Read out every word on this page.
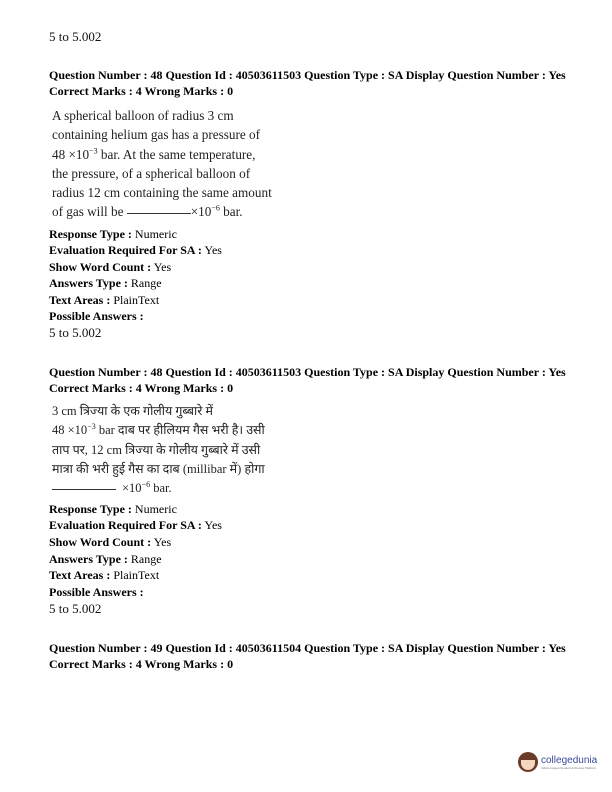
5 to 5.002
Question Number : 48 Question Id : 40503611503 Question Type : SA Display Question Number : Yes
Correct Marks : 4 Wrong Marks : 0
A spherical balloon of radius 3 cm
containing helium gas has a pressure of
$48 \times 10^{-3}$ bar. At the same temperature,
the pressure, of a spherical balloon of
radius 12 cm containing the same amount
of gas will be	$\times 10^{-6}$ bar.
Response Type : Numeric
Evaluation Required For SA : Yes
Show Word Count : Yes
Answers Type : Range
Text Areas : PlainText
Possible Answers :
5 to 5.002
Question Number : 48 Question Id : 40503611503 Question Type : SA Display Question Number : Yes
Correct Marks : 4 Wrong Marks : 0
3 cm त्रिज्या के एक गोलीय गुब्बारे में
$48 \times 10^{-3}$ bar दाब पर हीलियम गैस भरी है। उसी
ताप पर, 12 cm त्रिज्या के गोलीय गुब्बारे में उसी
मात्रा की भरी हुई गैस का दाब (millibar में) होगा
$\times 10^{-6}$ bar.
Response Type : Numeric
Evaluation Required For SA : Yes
Show Word Count : Yes
Answers Type : Range
Text Areas : PlainText
Possible Answers :
5 to 5.002
Question Number : 49 Question Id : 40503611504 Question Type : SA Display Question Number : Yes
Correct Marks : 4 Wrong Marks : 0
collegedunia
India's largest Student & Review Platform
